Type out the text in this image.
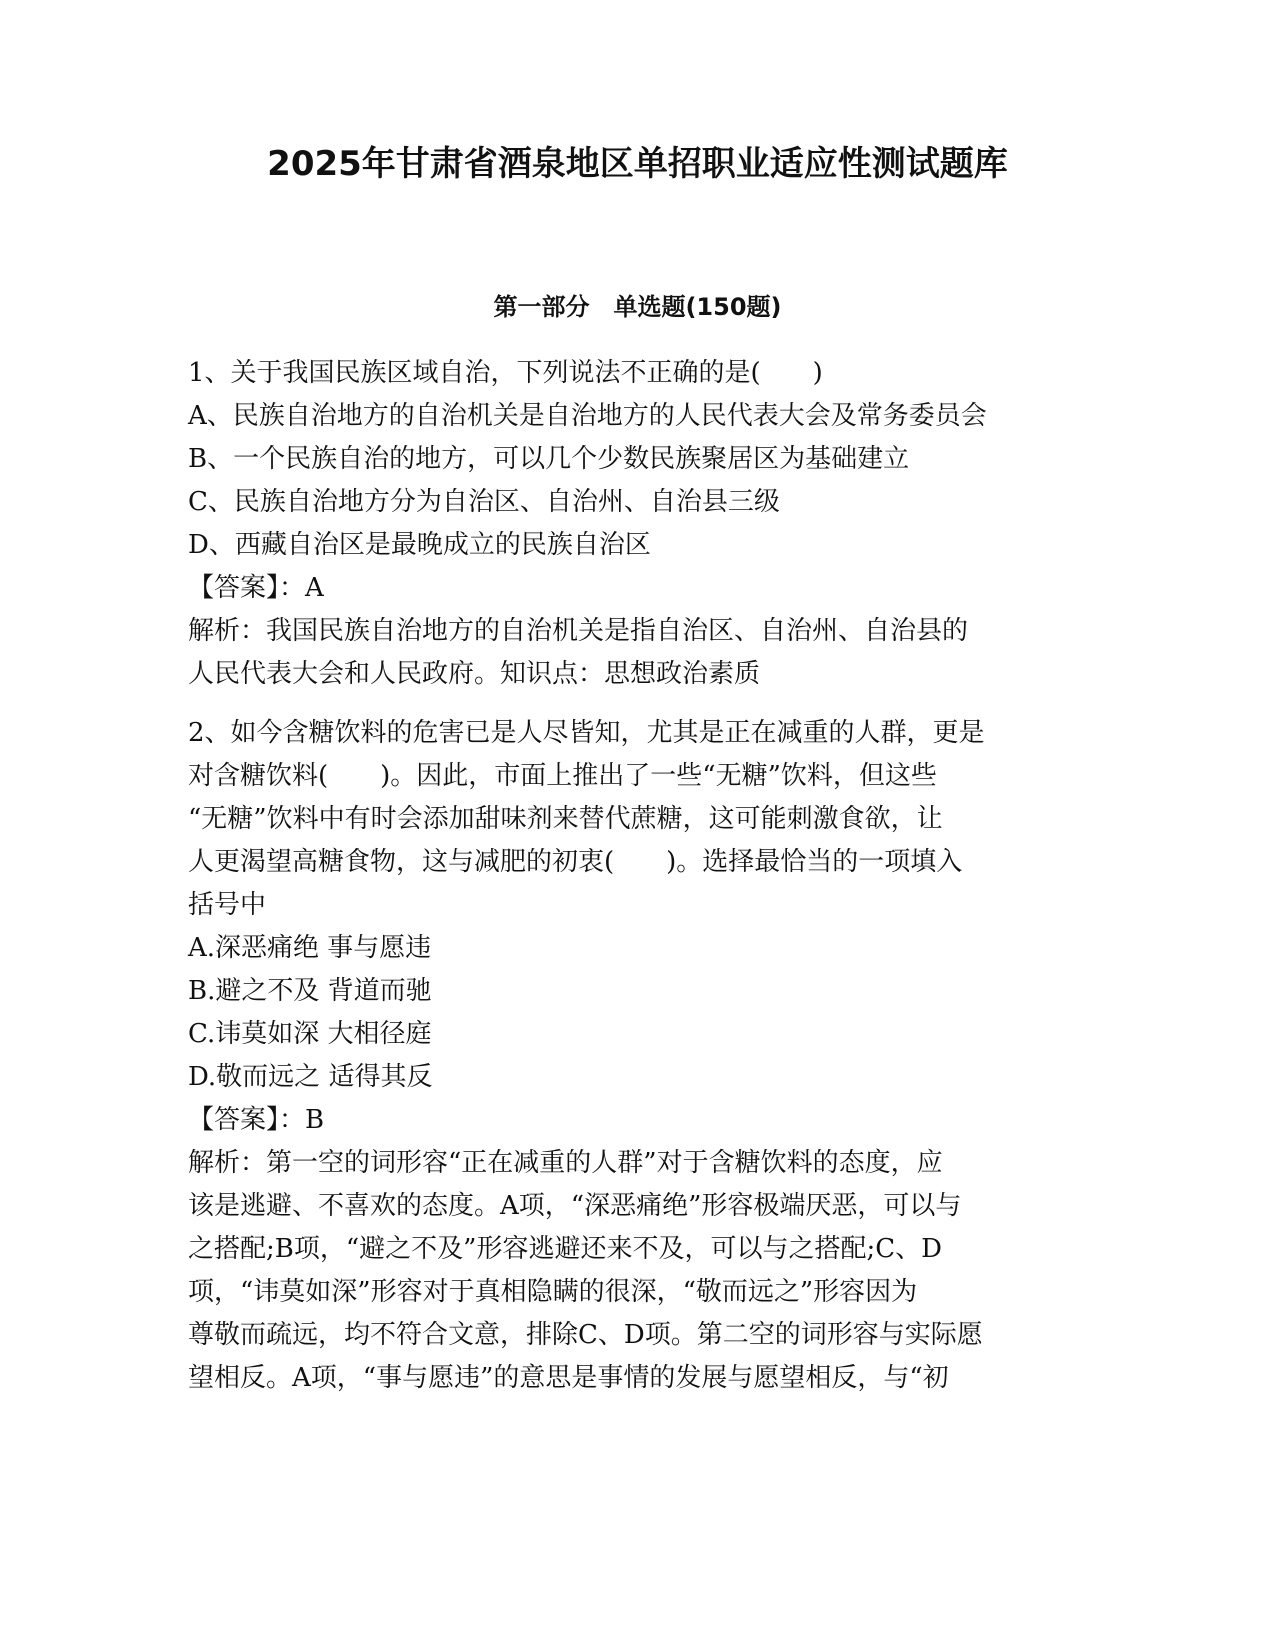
2025年甘肃省酒泉地区单招职业适应性测试题库
第一部分　单选题(150题)
1、关于我国民族区域自治，下列说法不正确的是(　　)
A、民族自治地方的自治机关是自治地方的人民代表大会及常务委员会
B、一个民族自治的地方，可以几个少数民族聚居区为基础建立
C、民族自治地方分为自治区、自治州、自治县三级
D、西藏自治区是最晚成立的民族自治区
【答案】：A
解析：我国民族自治地方的自治机关是指自治区、自治州、自治县的
人民代表大会和人民政府。知识点：思想政治素质
2、如今含糖饮料的危害已是人尽皆知，尤其是正在减重的人群，更是
对含糖饮料(　　)。因此，市面上推出了一些“无糖”饮料，但这些
“无糖”饮料中有时会添加甜味剂来替代蔗糖，这可能刺激食欲，让
人更渴望高糖食物，这与减肥的初衷(　　)。选择最恰当的一项填入
括号中
A.深恶痛绝 事与愿违
B.避之不及 背道而驰
C.讳莫如深 大相径庭
D.敬而远之 适得其反
【答案】：B
解析：第一空的词形容“正在减重的人群”对于含糖饮料的态度，应
该是逃避、不喜欢的态度。A项，“深恶痛绝”形容极端厌恶，可以与
之搭配;B项，“避之不及”形容逃避还来不及，可以与之搭配;C、D
项，“讳莫如深”形容对于真相隐瞒的很深，“敬而远之”形容因为
尊敬而疏远，均不符合文意，排除C、D项。第二空的词形容与实际愿
望相反。A项，“事与愿违”的意思是事情的发展与愿望相反，与“初
